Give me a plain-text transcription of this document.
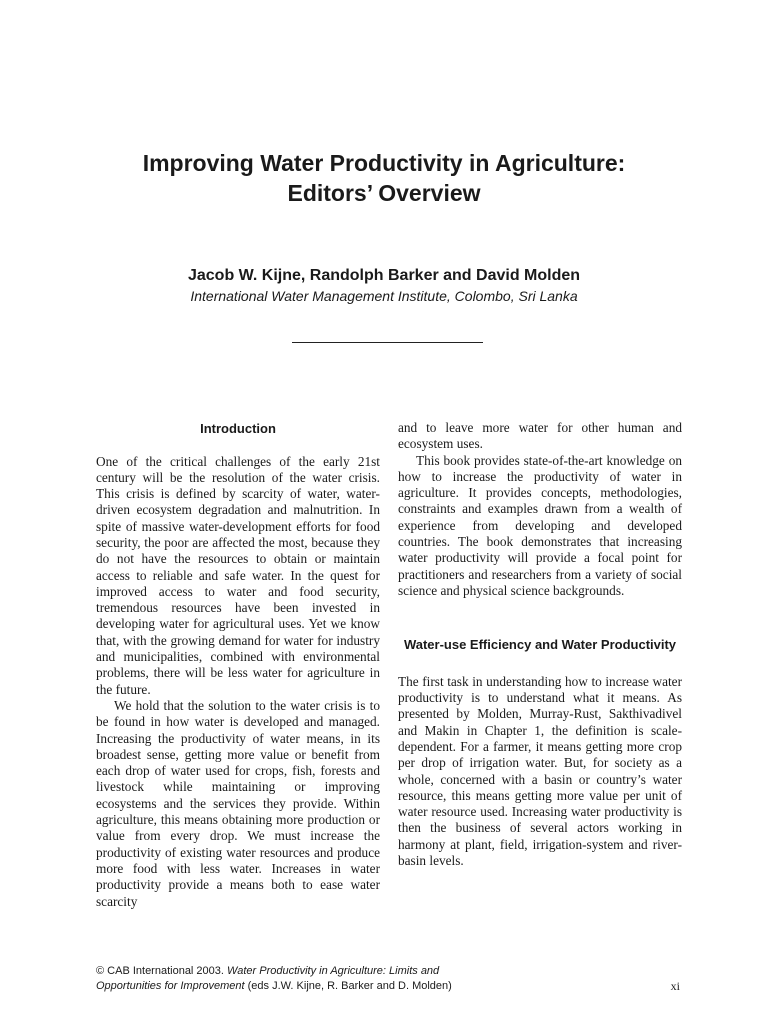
Improving Water Productivity in Agriculture:
Editors’ Overview

Jacob W. Kijne, Randolph Barker and David Molden

International Water Management Institute, Colombo, Sri Lanka

Introduction

One of the critical challenges of the early 21st century will be the resolution of the water crisis. This crisis is defined by scarcity of water, water-driven ecosystem degradation and malnutrition. In spite of massive water-development efforts for food security, the poor are affected the most, because they do not have the resources to obtain or maintain access to reliable and safe water. In the quest for improved access to water and food security, tremendous resources have been invested in developing water for agricultural uses. Yet we know that, with the growing demand for water for industry and municipalities, combined with environmental problems, there will be less water for agriculture in the future.

We hold that the solution to the water crisis is to be found in how water is developed and managed. Increasing the productivity of water means, in its broadest sense, getting more value or benefit from each drop of water used for crops, fish, forests and livestock while maintaining or improving ecosystems and the services they provide. Within agriculture, this means obtaining more production or value from every drop. We must increase the productivity of existing water resources and produce more food with less water. Increases in water productivity provide a means both to ease water scarcity

and to leave more water for other human and ecosystem uses.

This book provides state-of-the-art knowledge on how to increase the productivity of water in agriculture. It provides concepts, methodologies, constraints and examples drawn from a wealth of experience from developing and developed countries. The book demonstrates that increasing water productivity will provide a focal point for practitioners and researchers from a variety of social science and physical science backgrounds.

Water-use Efficiency and Water Productivity

The first task in understanding how to increase water productivity is to understand what it means. As presented by Molden, Murray-Rust, Sakthivadivel and Makin in Chapter 1, the definition is scale-dependent. For a farmer, it means getting more crop per drop of irrigation water. But, for society as a whole, concerned with a basin or country’s water resource, this means getting more value per unit of water resource used. Increasing water productivity is then the business of several actors working in harmony at plant, field, irrigation-system and river-basin levels.

© CAB International 2003. Water Productivity in Agriculture: Limits and
Opportunities for Improvement (eds J.W. Kijne, R. Barker and D. Molden)	xi
